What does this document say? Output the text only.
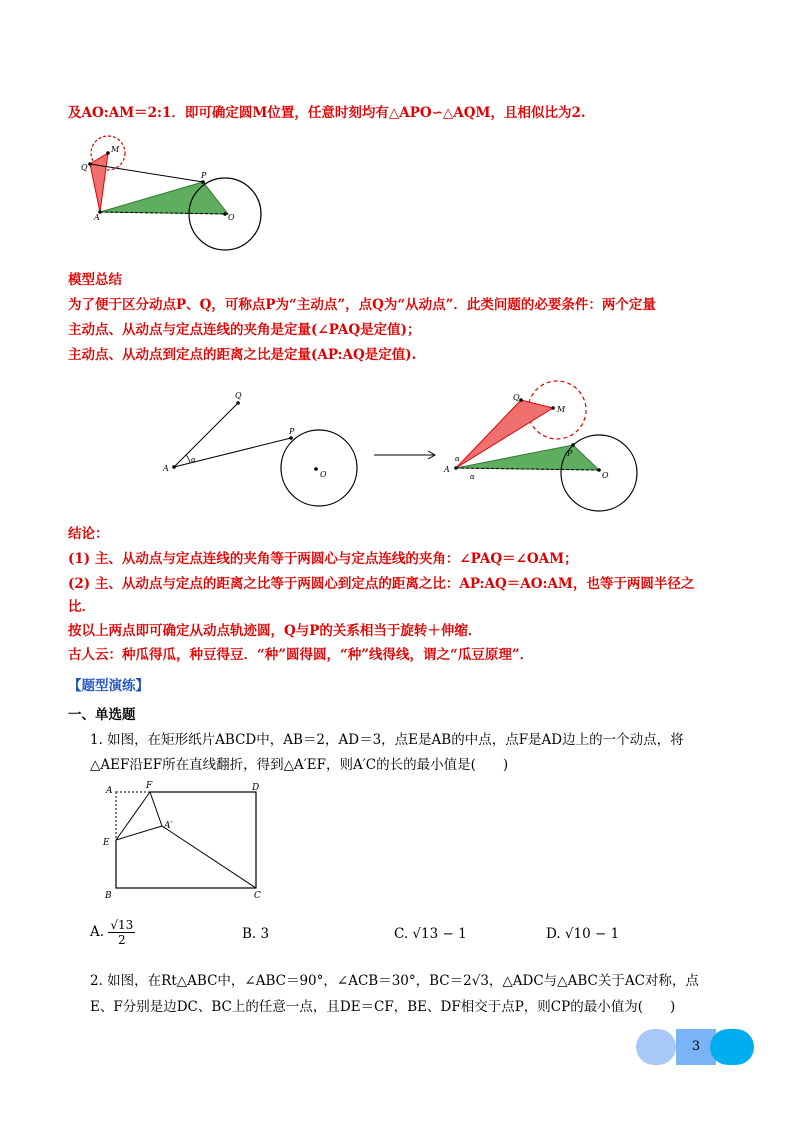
及AO:AM＝2:1．即可确定圆M位置，任意时刻均有△APO∽△AQM，且相似比为2.
M
Q
P
A	O
模型总结
为了便于区分动点P、Q，可称点P为“主动点”，点Q为“从动点”．此类问题的必要条件：两个定量
主动点、从动点与定点连线的夹角是定量(∠PAQ是定值)；
主动点、从动点到定点的距离之比是定量(AP:AQ是定值).
Q
P
A
O
α
Q
M
P
A
O
α
α
结论：
(1) 主、从动点与定点连线的夹角等于两圆心与定点连线的夹角：∠PAQ＝∠OAM；
(2) 主、从动点与定点的距离之比等于两圆心到定点的距离之比：AP:AQ＝AO:AM，也等于两圆半径之
比．
按以上两点即可确定从动点轨迹圆，Q与P的关系相当于旋转＋伸缩．
古人云：种瓜得瓜，种豆得豆．“种”圆得圆，“种”线得线，谓之“瓜豆原理”．
【题型演练】
一、单选题
1. 如图，在矩形纸片ABCD中，AB＝2，AD＝3，点E是AB的中点，点F是AD边上的一个动点，将
△AEF沿EF所在直线翻折，得到△A′EF，则A′C的长的最小值是(　　)
A	F	D
A′
E
B	C
A. $\frac{√13}{2}$	B. 3	C. √13 − 1	D. √10 − 1
2. 如图，在Rt△ABC中，∠ABC＝90°，∠ACB＝30°，BC＝2√3，△ADC与△ABC关于AC对称，点
E、F分别是边DC、BC上的任意一点，且DE＝CF，BE、DF相交于点P，则CP的最小值为(　　)
3
